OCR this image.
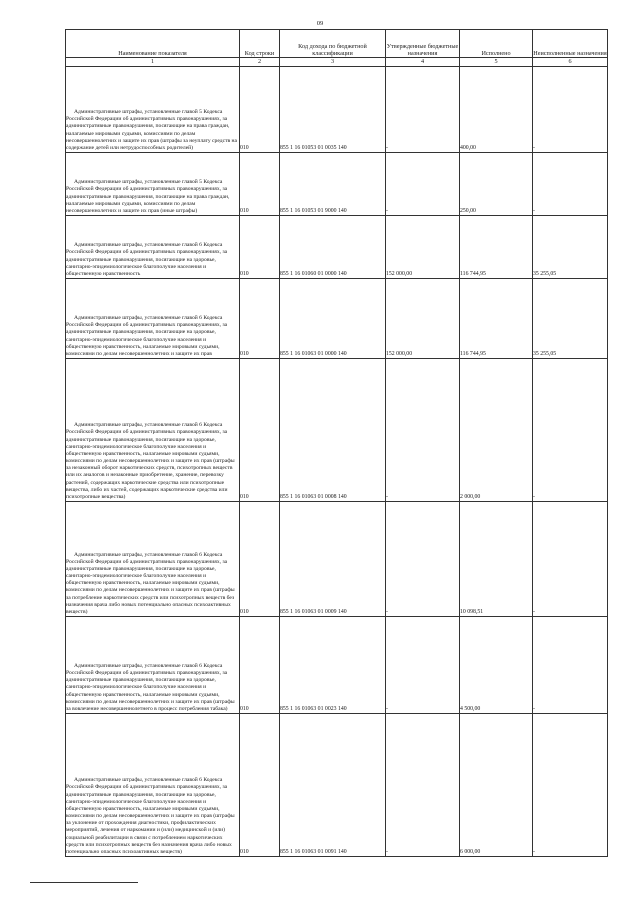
09
Наименование показателя	Код строки	Код дохода по бюджетной классификации	Утвержденные бюджетные назначения	Исполнено	Неисполненные назначения
1	2	3	4	5	6

Административные штрафы, установленные главой 5 Кодекса Российской Федерации об административных правонарушениях, за административные правонарушения, посягающие на права граждан, налагаемые мировыми судьями, комиссиями по делам несовершеннолетних и защите их прав (штрафы за неуплату средств на содержание детей или нетрудоспособных родителей)	010	855 1 16 01053 01 0035 140	-	400,00	-

Административные штрафы, установленные главой 5 Кодекса Российской Федерации об административных правонарушениях, за административные правонарушения, посягающие на права граждан, налагаемые мировыми судьями, комиссиями по делам несовершеннолетних и защите их прав (иные штрафы)	010	855 1 16 01053 01 9000 140	-	250,00	-

Административные штрафы, установленные главой 6 Кодекса Российской Федерации об административных правонарушениях, за административные правонарушения, посягающие на здоровье, санитарно-эпидемиологическое благополучие населения и общественную нравственность	010	855 1 16 01060 01 0000 140	152 000,00	116 744,95	35 255,05

Административные штрафы, установленные главой 6 Кодекса Российской Федерации об административных правонарушениях, за административные правонарушения, посягающие на здоровье, санитарно-эпидемиологическое благополучие населения и общественную нравственность, налагаемые мировыми судьями, комиссиями по делам несовершеннолетних и защите их прав	010	855 1 16 01063 01 0000 140	152 000,00	116 744,95	35 255,05

Административные штрафы, установленные главой 6 Кодекса Российской Федерации об административных правонарушениях, за административные правонарушения, посягающие на здоровье, санитарно-эпидемиологическое благополучие населения и общественную нравственность, налагаемые мировыми судьями, комиссиями по делам несовершеннолетних и защите их прав (штрафы за незаконный оборот наркотических средств, психотропных веществ или их аналогов и незаконные приобретение, хранение, перевозку растений, содержащих наркотические средства или психотропные вещества, либо их частей, содержащих наркотические средства или психотропные вещества)	010	855 1 16 01063 01 0008 140	-	2 000,00	-

Административные штрафы, установленные главой 6 Кодекса Российской Федерации об административных правонарушениях, за административные правонарушения, посягающие на здоровье, санитарно-эпидемиологическое благополучие населения и общественную нравственность, налагаемые мировыми судьями, комиссиями по делам несовершеннолетних и защите их прав (штрафы за потребление наркотических средств или психотропных веществ без назначения врача либо новых потенциально опасных психоактивных веществ)	010	855 1 16 01063 01 0009 140	-	10 098,51	-

Административные штрафы, установленные главой 6 Кодекса Российской Федерации об административных правонарушениях, за административные правонарушения, посягающие на здоровье, санитарно-эпидемиологическое благополучие населения и общественную нравственность, налагаемые мировыми судьями, комиссиями по делам несовершеннолетних и защите их прав (штрафы за вовлечение несовершеннолетнего в процесс потребления табака)	010	855 1 16 01063 01 0023 140	-	4 500,00	-

Административные штрафы, установленные главой 6 Кодекса Российской Федерации об административных правонарушениях, за административные правонарушения, посягающие на здоровье, санитарно-эпидемиологическое благополучие населения и общественную нравственность, налагаемые мировыми судьями, комиссиями по делам несовершеннолетних и защите их прав (штрафы за уклонение от прохождения диагностики, профилактических мероприятий, лечения от наркомании и (или) медицинской и (или) социальной реабилитации в связи с потреблением наркотических средств или психотропных веществ без назначения врача либо новых потенциально опасных психоактивных веществ)	010	855 1 16 01063 01 0091 140	-	6 000,00	-
